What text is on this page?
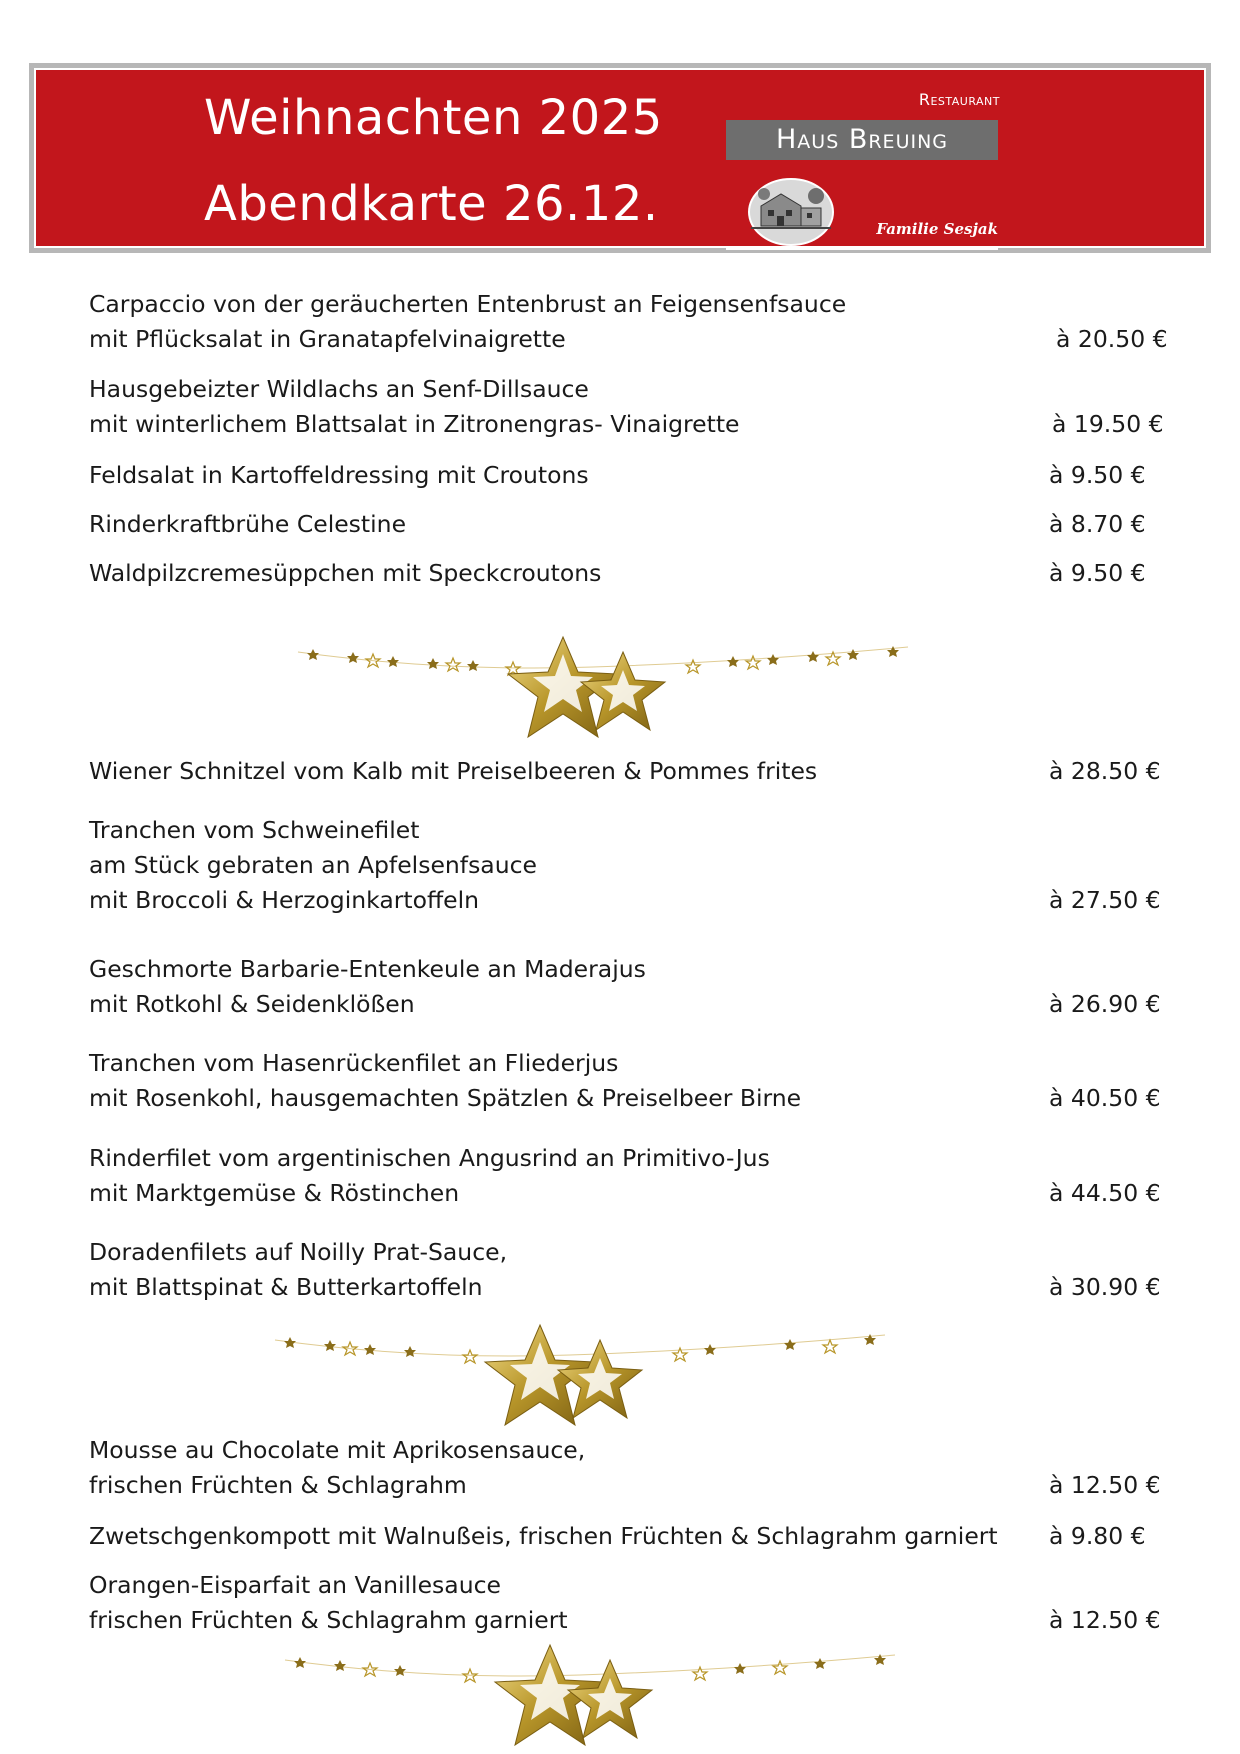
Weihnachten 2025
Abendkarte 26.12.
Restaurant
Haus Breuing
Familie Sesjak
Carpaccio von der geräucherten Entenbrust an Feigensenfsauce
mit Pflücksalat in Granatapfelvinaigrette	à 20.50 €
Hausgebeizter Wildlachs an Senf-Dillsauce
mit winterlichem Blattsalat in Zitronengras- Vinaigrette	à 19.50 €
Feldsalat in Kartoffeldressing mit Croutons	à 9.50 €
Rinderkraftbrühe Celestine	à 8.70 €
Waldpilzcremesüppchen mit Speckcroutons	à 9.50 €
Wiener Schnitzel vom Kalb mit Preiselbeeren & Pommes frites	à 28.50 €
Tranchen vom Schweinefilet
am Stück gebraten an Apfelsenfsauce
mit Broccoli & Herzoginkartoffeln	à 27.50 €
Geschmorte Barbarie-Entenkeule an Maderajus
mit Rotkohl & Seidenklößen	à 26.90 €
Tranchen vom Hasenrückenfilet an Fliederjus
mit Rosenkohl, hausgemachten Spätzlen & Preiselbeer Birne	à 40.50 €
Rinderfilet vom argentinischen Angusrind an Primitivo-Jus
mit Marktgemüse & Röstinchen	à 44.50 €
Doradenfilets auf Noilly Prat-Sauce,
mit Blattspinat & Butterkartoffeln	à 30.90 €
Mousse au Chocolate mit Aprikosensauce,
frischen Früchten & Schlagrahm	à 12.50 €
Zwetschgenkompott mit Walnußeis, frischen Früchten & Schlagrahm garniert	à 9.80 €
Orangen-Eisparfait an Vanillesauce
frischen Früchten & Schlagrahm garniert	à 12.50 €
